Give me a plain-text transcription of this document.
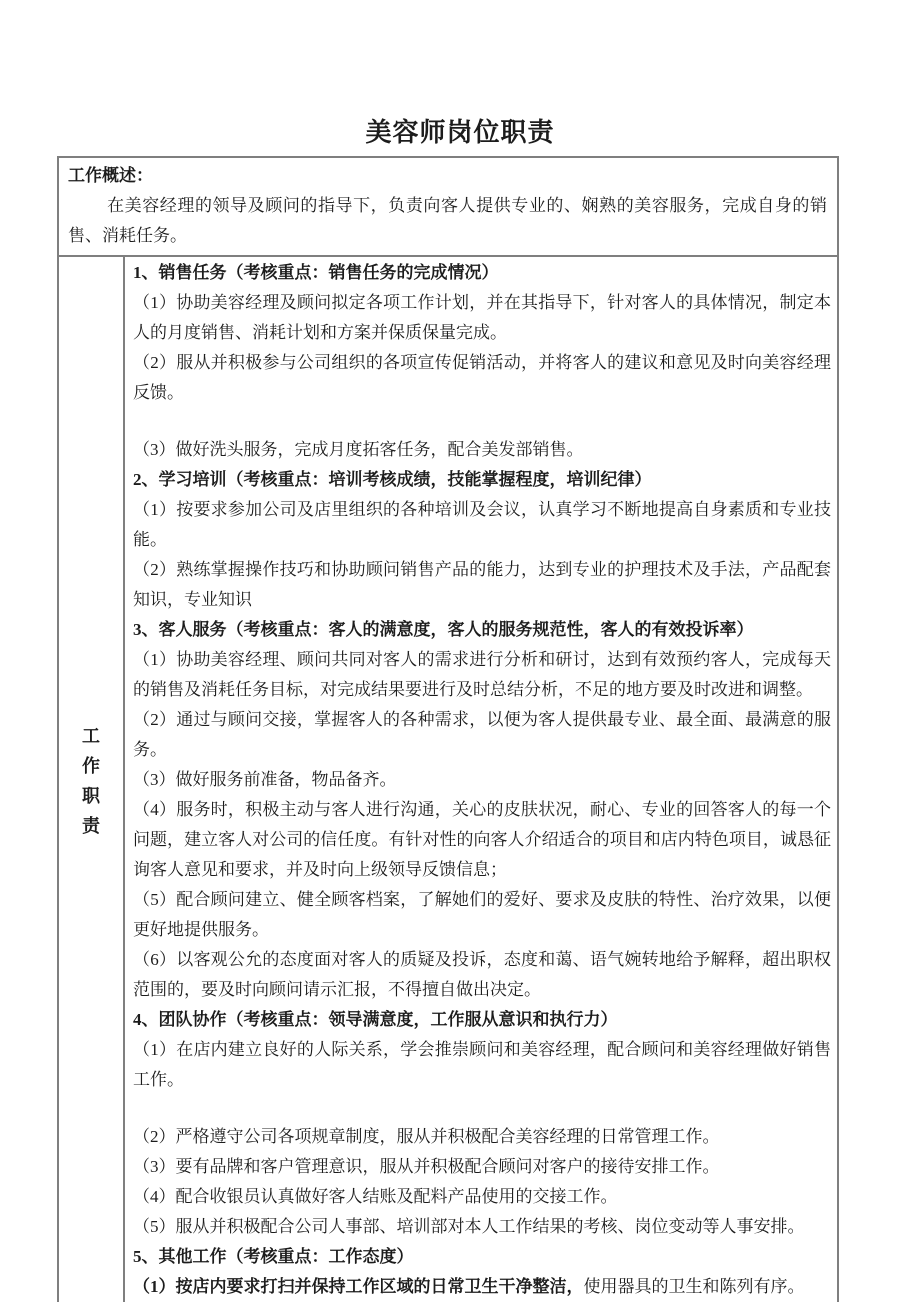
美容师岗位职责
工作概述：
在美容经理的领导及顾问的指导下，负责向客人提供专业的、娴熟的美容服务，完成自身的销售、消耗任务。
工
作
职
责

1、销售任务（考核重点：销售任务的完成情况）

（1）协助美容经理及顾问拟定各项工作计划，并在其指导下，针对客人的具体情况，制定本人的月度销售、消耗计划和方案并保质保量完成。

（2）服从并积极参与公司组织的各项宣传促销活动，并将客人的建议和意见及时向美容经理反馈。

（3）做好洗头服务，完成月度拓客任务，配合美发部销售。

2、学习培训（考核重点：培训考核成绩，技能掌握程度，培训纪律）

（1）按要求参加公司及店里组织的各种培训及会议，认真学习不断地提高自身素质和专业技能。

（2）熟练掌握操作技巧和协助顾问销售产品的能力，达到专业的护理技术及手法，产品配套知识，专业知识

3、客人服务（考核重点：客人的满意度，客人的服务规范性，客人的有效投诉率）

（1）协助美容经理、顾问共同对客人的需求进行分析和研讨，达到有效预约客人，完成每天的销售及消耗任务目标，对完成结果要进行及时总结分析，不足的地方要及时改进和调整。

（2）通过与顾问交接，掌握客人的各种需求，以便为客人提供最专业、最全面、最满意的服务。

（3）做好服务前准备，物品备齐。

（4）服务时，积极主动与客人进行沟通，关心的皮肤状况，耐心、专业的回答客人的每一个问题，建立客人对公司的信任度。有针对性的向客人介绍适合的项目和店内特色项目，诚恳征询客人意见和要求，并及时向上级领导反馈信息；

（5）配合顾问建立、健全顾客档案，了解她们的爱好、要求及皮肤的特性、治疗效果，以便更好地提供服务。

（6）以客观公允的态度面对客人的质疑及投诉，态度和蔼、语气婉转地给予解释，超出职权范围的，要及时向顾问请示汇报，不得擅自做出决定。

4、团队协作（考核重点：领导满意度，工作服从意识和执行力）

（1）在店内建立良好的人际关系，学会推崇顾问和美容经理，配合顾问和美容经理做好销售工作。

（2）严格遵守公司各项规章制度，服从并积极配合美容经理的日常管理工作。

（3）要有品牌和客户管理意识，服从并积极配合顾问对客户的接待安排工作。

（4）配合收银员认真做好客人结账及配料产品使用的交接工作。

（5）服从并积极配合公司人事部、培训部对本人工作结果的考核、岗位变动等人事安排。

5、其他工作（考核重点：工作态度）

（1）按店内要求打扫并保持工作区域的日常卫生干净整洁，使用器具的卫生和陈列有序。
